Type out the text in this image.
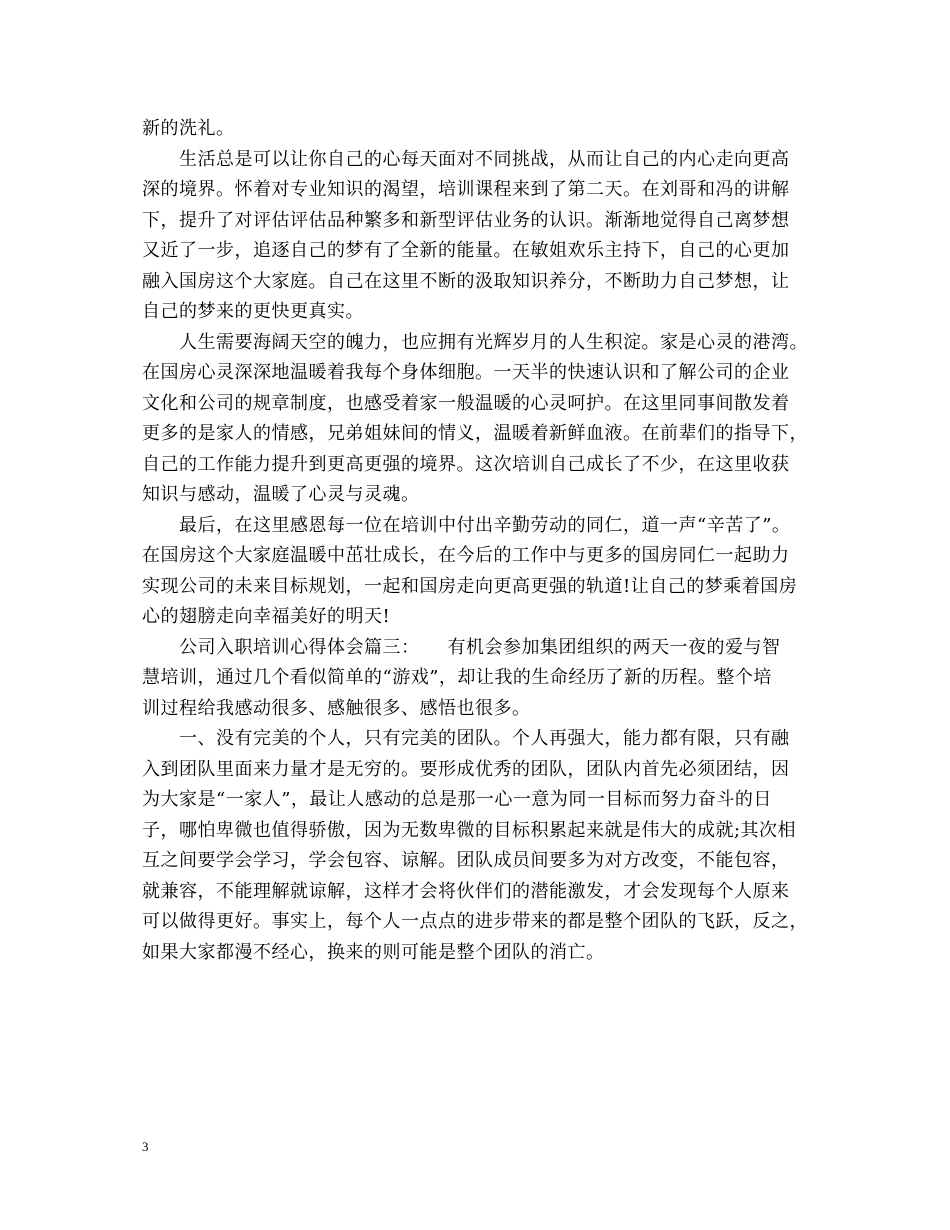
新的洗礼。
　　生活总是可以让你自己的心每天面对不同挑战，从而让自己的内心走向更高
深的境界。怀着对专业知识的渴望，培训课程来到了第二天。在刘哥和冯的讲解
下，提升了对评估评估品种繁多和新型评估业务的认识。渐渐地觉得自己离梦想
又近了一步，追逐自己的梦有了全新的能量。在敏姐欢乐主持下，自己的心更加
融入国房这个大家庭。自己在这里不断的汲取知识养分，不断助力自己梦想，让
自己的梦来的更快更真实。
　　人生需要海阔天空的魄力，也应拥有光辉岁月的人生积淀。家是心灵的港湾。
在国房心灵深深地温暖着我每个身体细胞。一天半的快速认识和了解公司的企业
文化和公司的规章制度，也感受着家一般温暖的心灵呵护。在这里同事间散发着
更多的是家人的情感，兄弟姐妹间的情义，温暖着新鲜血液。在前辈们的指导下，
自己的工作能力提升到更高更强的境界。这次培训自己成长了不少，在这里收获
知识与感动，温暖了心灵与灵魂。
　　最后，在这里感恩每一位在培训中付出辛勤劳动的同仁，道一声“辛苦了”。
在国房这个大家庭温暖中茁壮成长，在今后的工作中与更多的国房同仁一起助力
实现公司的未来目标规划，一起和国房走向更高更强的轨道!让自己的梦乘着国房
心的翅膀走向幸福美好的明天!
　　公司入职培训心得体会篇三：　　有机会参加集团组织的两天一夜的爱与智
慧培训，通过几个看似简单的“游戏”，却让我的生命经历了新的历程。整个培
训过程给我感动很多、感触很多、感悟也很多。
　　一、没有完美的个人，只有完美的团队。个人再强大，能力都有限，只有融
入到团队里面来力量才是无穷的。要形成优秀的团队，团队内首先必须团结，因
为大家是“一家人”，最让人感动的总是那一心一意为同一目标而努力奋斗的日
子，哪怕卑微也值得骄傲，因为无数卑微的目标积累起来就是伟大的成就;其次相
互之间要学会学习，学会包容、谅解。团队成员间要多为对方改变，不能包容，
就兼容，不能理解就谅解，这样才会将伙伴们的潜能激发，才会发现每个人原来
可以做得更好。事实上，每个人一点点的进步带来的都是整个团队的飞跃，反之，
如果大家都漫不经心，换来的则可能是整个团队的消亡。
3
